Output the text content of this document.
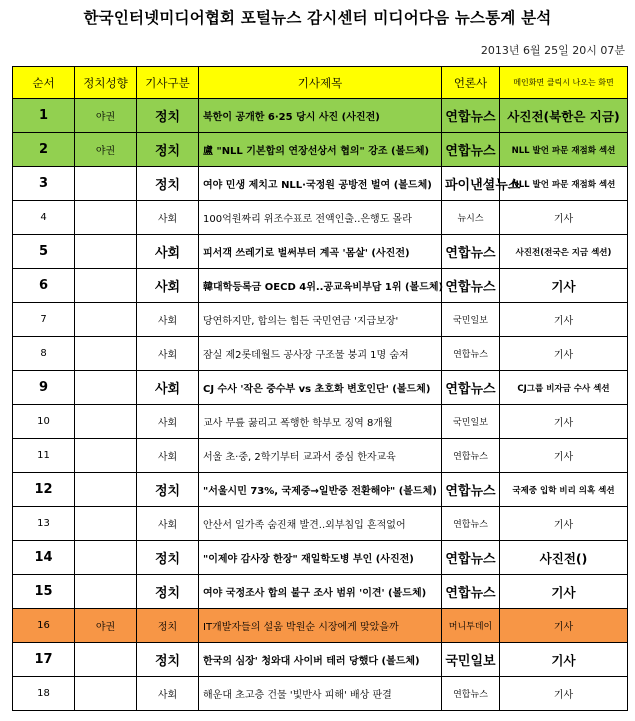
한국인터넷미디어협회 포털뉴스 감시센터 미디어다음 뉴스통계 분석
2013년 6월 25일 20시 07분
순서	정치성향	기사구분	기사제목	언론사	메인화면 클릭시 나오는 화면
1	야권	정치	북한이 공개한 6·25 당시 사진 (사진전)	연합뉴스	사진전(북한은 지금)
2	야권	정치	盧 "NLL 기본합의 연장선상서 협의" 강조 (볼드체)	연합뉴스	NLL 발언 파문 재점화 섹션
3		정치	여야 민생 제치고 NLL·국정원 공방전 벌여 (볼드체)	파이낸셜뉴스	NLL 발언 파문 재점화 섹션
4		사회	100억원짜리 위조수표로 전액인출..은행도 몰라	뉴시스	기사
5		사회	피서객 쓰레기로 벌써부터 계곡 '몸살' (사진전)	연합뉴스	사진전(전국은 지금 섹션)
6		사회	韓대학등록금 OECD 4위..공교육비부담 1위 (볼드체)	연합뉴스	기사
7		사회	당연하지만, 합의는 힘든 국민연금 '지급보장'	국민일보	기사
8		사회	잠실 제2롯데월드 공사장 구조물 붕괴 1명 숨져	연합뉴스	기사
9		사회	CJ 수사 '작은 중수부 vs 초호화 변호인단' (볼드체)	연합뉴스	CJ그룹 비자금 수사 섹션
10		사회	교사 무릎 꿇리고 폭행한 학부모 징역 8개월	국민일보	기사
11		사회	서울 초·중, 2학기부터 교과서 중심 한자교육	연합뉴스	기사
12		정치	"서울시민 73%, 국제중→일반중 전환해야" (볼드체)	연합뉴스	국제중 입학 비리 의혹 섹션
13		사회	안산서 일가족 숨진채 발견..외부침입 흔적없어	연합뉴스	기사
14		정치	"이제야 감사장 한장" 재일학도병 부인 (사진전)	연합뉴스	사진전()
15		정치	여야 국정조사 합의 불구 조사 범위 '이견' (볼드체)	연합뉴스	기사
16	야권	정치	IT개발자들의 설움 박원순 시장에게 맞았을까	머니투데이	기사
17		정치	한국의 심장' 청와대 사이버 테러 당했다 (볼드체)	국민일보	기사
18		사회	해운대 초고층 건물 '빛반사 피해' 배상 판결	연합뉴스	기사
